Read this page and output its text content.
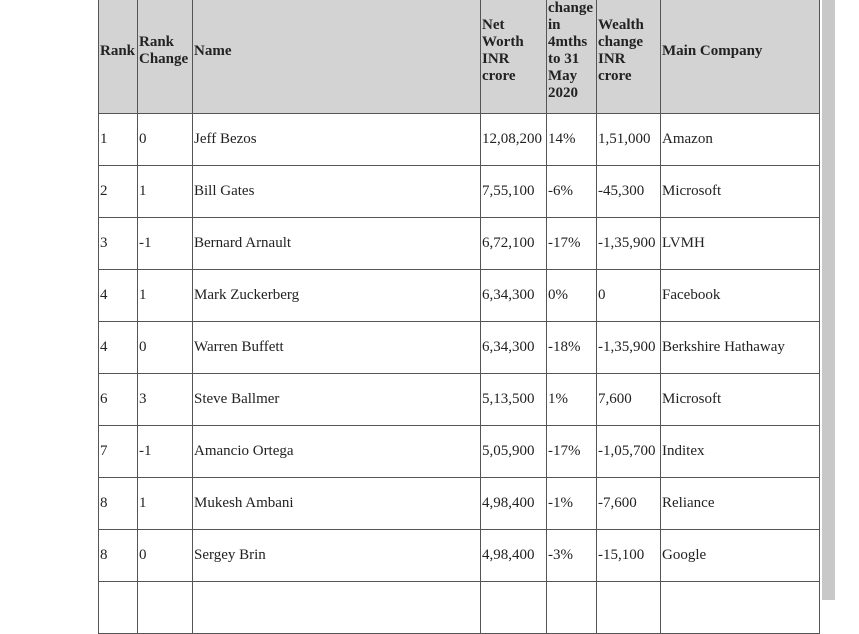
Rank	Rank Change	Name	Net Worth INR crore	change in 4mths to 31 May 2020	Wealth change INR crore	Main Company
1	0	Jeff Bezos	12,08,200	14%	1,51,000	Amazon
2	1	Bill Gates	7,55,100	-6%	-45,300	Microsoft
3	-1	Bernard Arnault	6,72,100	-17%	-1,35,900	LVMH
4	1	Mark Zuckerberg	6,34,300	0%	0	Facebook
4	0	Warren Buffett	6,34,300	-18%	-1,35,900	Berkshire Hathaway
6	3	Steve Ballmer	5,13,500	1%	7,600	Microsoft
7	-1	Amancio Ortega	5,05,900	-17%	-1,05,700	Inditex
8	1	Mukesh Ambani	4,98,400	-1%	-7,600	Reliance
8	0	Sergey Brin	4,98,400	-3%	-15,100	Google
